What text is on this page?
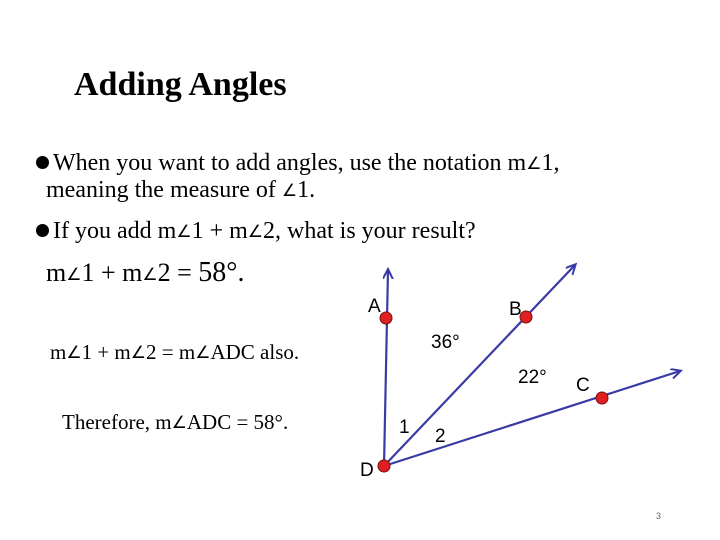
Adding Angles
When you want to add angles, use the notation m∠1,
meaning the measure of ∠1.
If you add m∠1 + m∠2, what is your result?
m∠1 + m∠2 = 58°.
m∠1 + m∠2 = m∠ADC also.
Therefore, m∠ADC = 58°.
A	B
C
D
1 2
36°
22°
3
